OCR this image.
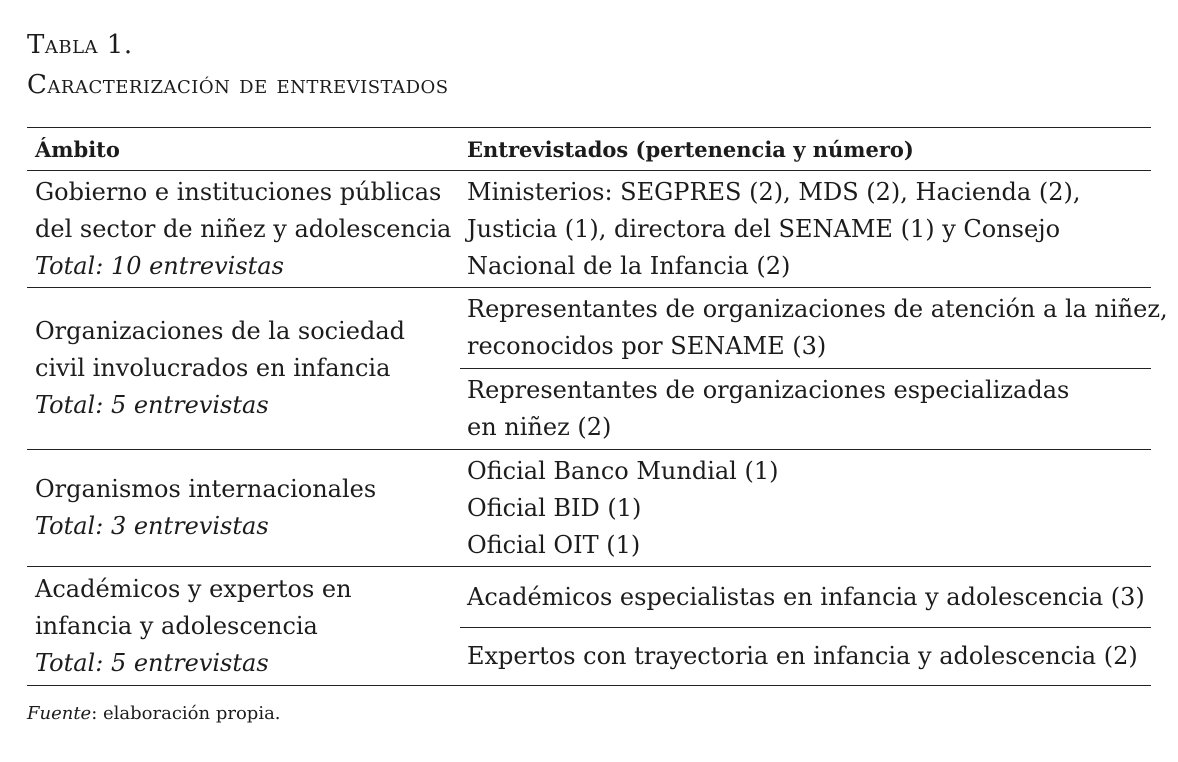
Tabla 1.
Caracterización de entrevistados
Ámbito	Entrevistados (pertenencia y número)

Gobierno e instituciones públicas
del sector de niñez y adolescencia
Total: 10 entrevistas	Ministerios: SEGPRES (2), MDS (2), Hacienda (2),
Justicia (1), directora del SENAME (1) y Consejo
Nacional de la Infancia (2)

Organizaciones de la sociedad
civil involucrados en infancia
Total: 5 entrevistas	Representantes de organizaciones de atención a la niñez,
reconocidos por SENAME (3)

	Representantes de organizaciones especializadas
en niñez (2)

Organismos internacionales
Total: 3 entrevistas	Oficial Banco Mundial (1)
Oficial BID (1)
Oficial OIT (1)

Académicos y expertos en
infancia y adolescencia
Total: 5 entrevistas	Académicos especialistas en infancia y adolescencia (3)

	Expertos con trayectoria en infancia y adolescencia (2)
Fuente: elaboración propia.
